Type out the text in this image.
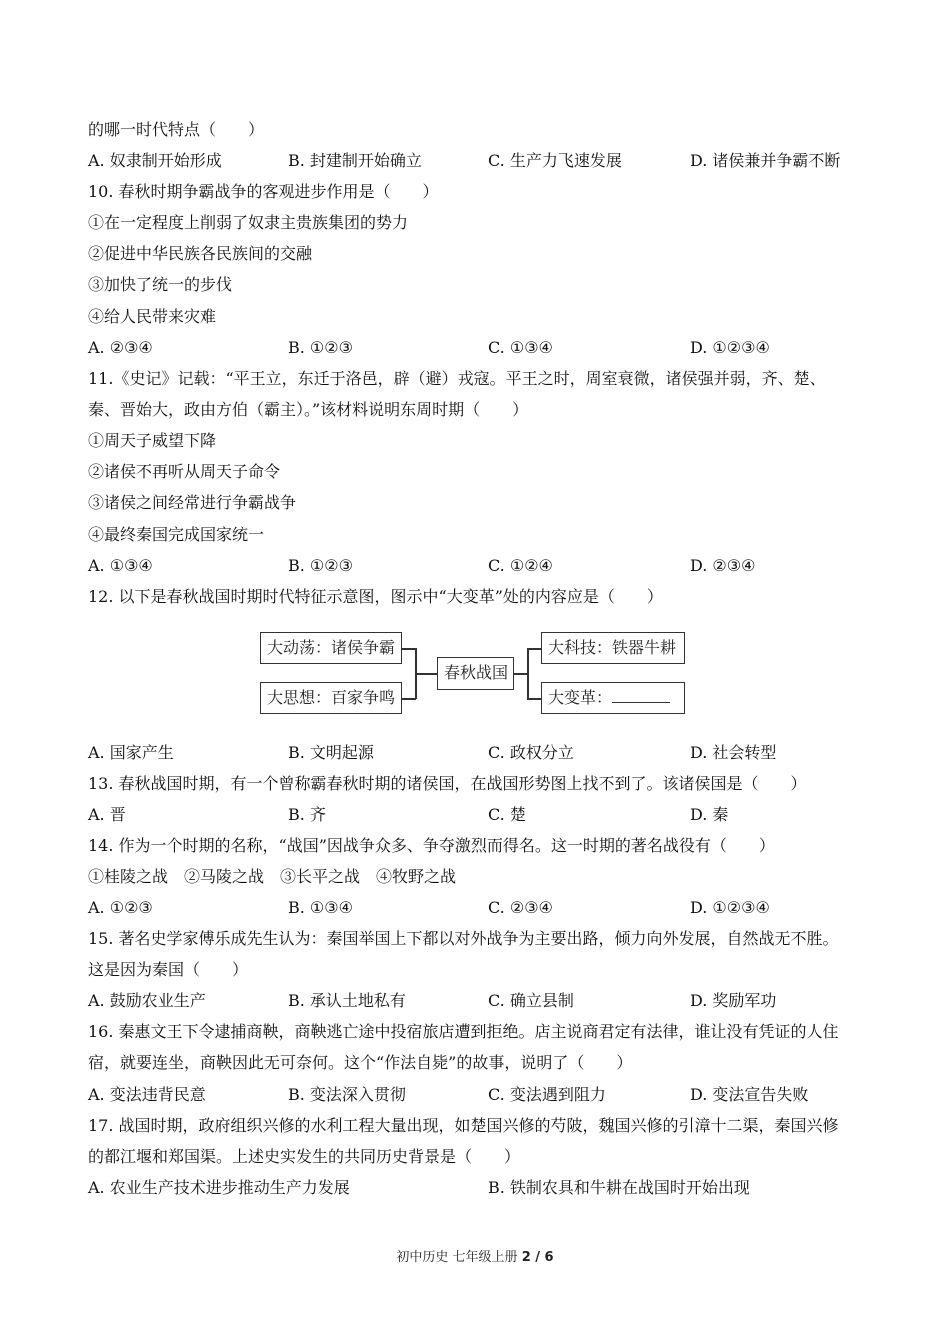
的哪一时代特点（　　）
A. 奴隶制开始形成	B. 封建制开始确立	C. 生产力飞速发展	D. 诸侯兼并争霸不断
10. 春秋时期争霸战争的客观进步作用是（　　）
①在一定程度上削弱了奴隶主贵族集团的势力
②促进中华民族各民族间的交融
③加快了统一的步伐
④给人民带来灾难
A. ②③④	B. ①②③	C. ①③④	D. ①②③④
11.《史记》记载：“平王立，东迁于洛邑，辟（避）戎寇。平王之时，周室衰微，诸侯强并弱，齐、楚、
秦、晋始大，政由方伯（霸主）。”该材料说明东周时期（　　）
①周天子威望下降
②诸侯不再听从周天子命令
③诸侯之间经常进行争霸战争
④最终秦国完成国家统一
A. ①③④	B. ①②③	C. ①②④	D. ②③④
12. 以下是春秋战国时期时代特征示意图，图示中“大变革”处的内容应是（　　）
大动荡：诸侯争霸
大思想：百家争鸣
春秋战国
大科技：铁器牛耕
大变革：
A. 国家产生	B. 文明起源	C. 政权分立	D. 社会转型
13. 春秋战国时期，有一个曾称霸春秋时期的诸侯国，在战国形势图上找不到了。该诸侯国是（　　）
A. 晋	B. 齐	C. 楚	D. 秦
14. 作为一个时期的名称，“战国”因战争众多、争夺激烈而得名。这一时期的著名战役有（　　）
①桂陵之战　②马陵之战　③长平之战　④牧野之战
A. ①②③	B. ①③④	C. ②③④	D. ①②③④
15. 著名史学家傅乐成先生认为：秦国举国上下都以对外战争为主要出路，倾力向外发展，自然战无不胜。
这是因为秦国（　　）
A. 鼓励农业生产	B. 承认土地私有	C. 确立县制	D. 奖励军功
16. 秦惠文王下令逮捕商鞅，商鞅逃亡途中投宿旅店遭到拒绝。店主说商君定有法律，谁让没有凭证的人住
宿，就要连坐，商鞅因此无可奈何。这个“作法自毙”的故事，说明了（　　）
A. 变法违背民意	B. 变法深入贯彻	C. 变法遇到阻力	D. 变法宣告失败
17. 战国时期，政府组织兴修的水利工程大量出现，如楚国兴修的芍陂，魏国兴修的引漳十二渠，秦国兴修
的都江堰和郑国渠。上述史实发生的共同历史背景是（　　）
A. 农业生产技术进步推动生产力发展	B. 铁制农具和牛耕在战国时开始出现
初中历史 七年级上册 2 / 6
